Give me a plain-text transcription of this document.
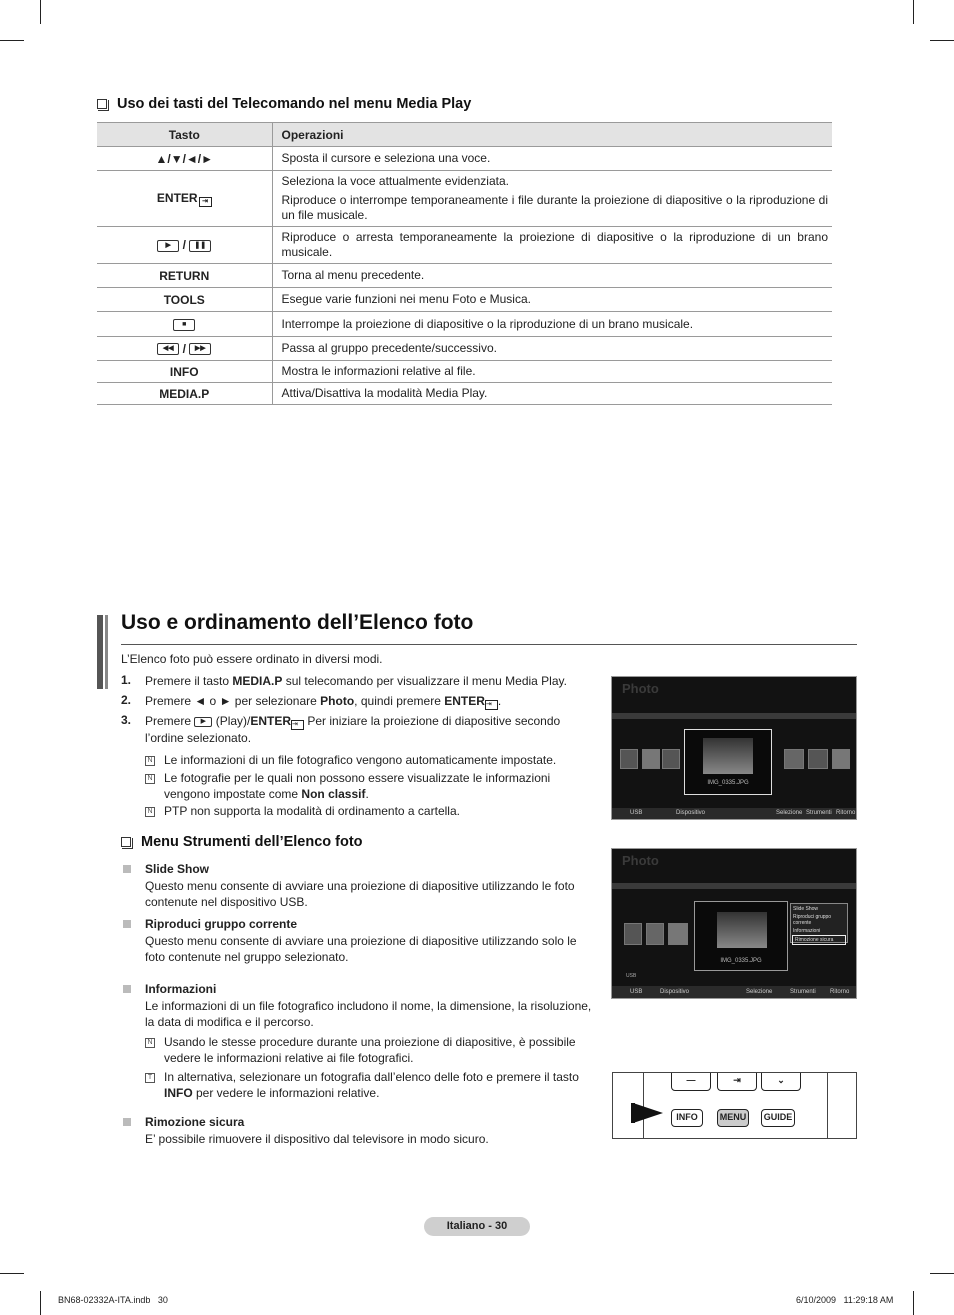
Uso dei tasti del Telecomando nel menu Media Play
Tasto	Operazioni
▲/▼/◄/►	Sposta il cursore e seleziona una voce.
ENTER ⇥	Seleziona la voce attualmente evidenziata.
Riproduce o interrompe temporaneamente i file durante la proiezione di diapositive o la riproduzione di un file musicale.

▶ / ❚❚	Riproduce o arresta temporaneamente la proiezione di diapositive o la riproduzione di un brano musicale.
RETURN	Torna al menu precedente.
TOOLS	Esegue varie funzioni nei menu Foto e Musica.
■	Interrompe la proiezione di diapositive o la riproduzione di un brano musicale.
◀◀ / ▶▶	Passa al gruppo precedente/successivo.
INFO	Mostra le informazioni relative al file.
MEDIA.P	Attiva/Disattiva la modalità Media Play.
Uso e ordinamento dell’Elenco foto
L’Elenco foto può essere ordinato in diversi modi.
1. Premere il tasto MEDIA.P sul telecomando per visualizzare il menu Media Play.
2. Premere ◄ o ► per selezionare Photo, quindi premere ENTER⇥ .
3. Premere ▶ (Play)/ENTER⇥ Per iniziare la proiezione di diapositive secondo
l’ordine selezionato.
N Le informazioni di un file fotografico vengono automaticamente impostate.
N Le fotografie per le quali non possono essere visualizzate le informazioni
vengono impostate come Non classif.
N PTP non supporta la modalità di ordinamento a cartella.
Menu Strumenti dell’Elenco foto
Slide Show
Questo menu consente di avviare una proiezione di diapositive utilizzando le foto
contenute nel dispositivo USB.
Riproduci gruppo corrente
Questo menu consente di avviare una proiezione di diapositive utilizzando solo le
foto contenute nel gruppo selezionato.
Informazioni
Le informazioni di un file fotografico includono il nome, la dimensione, la risoluzione,
la data di modifica e il percorso.
N Usando le stesse procedure durante una proiezione di diapositive, è possibile
vedere le informazioni relative ai file fotografici.
T In alternativa, selezionare un fotografia dall’elenco delle foto e premere il tasto
INFO per vedere le informazioni relative.
Rimozione sicura
E’ possibile rimuovere il dispositivo dal televisore in modo sicuro.
Photo
IMG_0335.JPG
USB	Dispositivo	Selezione Strumenti Ritorno
Photo
IMG_0335.JPG
USB
Slide Show
Riproduci gruppo corrente
Informazioni
Rimozione sicura
USB	Dispositivo	Selezione	Strumenti Ritorno
—	⇥	⌄
INFO	MENU	GUIDE
Italiano - 30
BN68-02332A-ITA.indb   30	6/10/2009   11:29:18 AM
